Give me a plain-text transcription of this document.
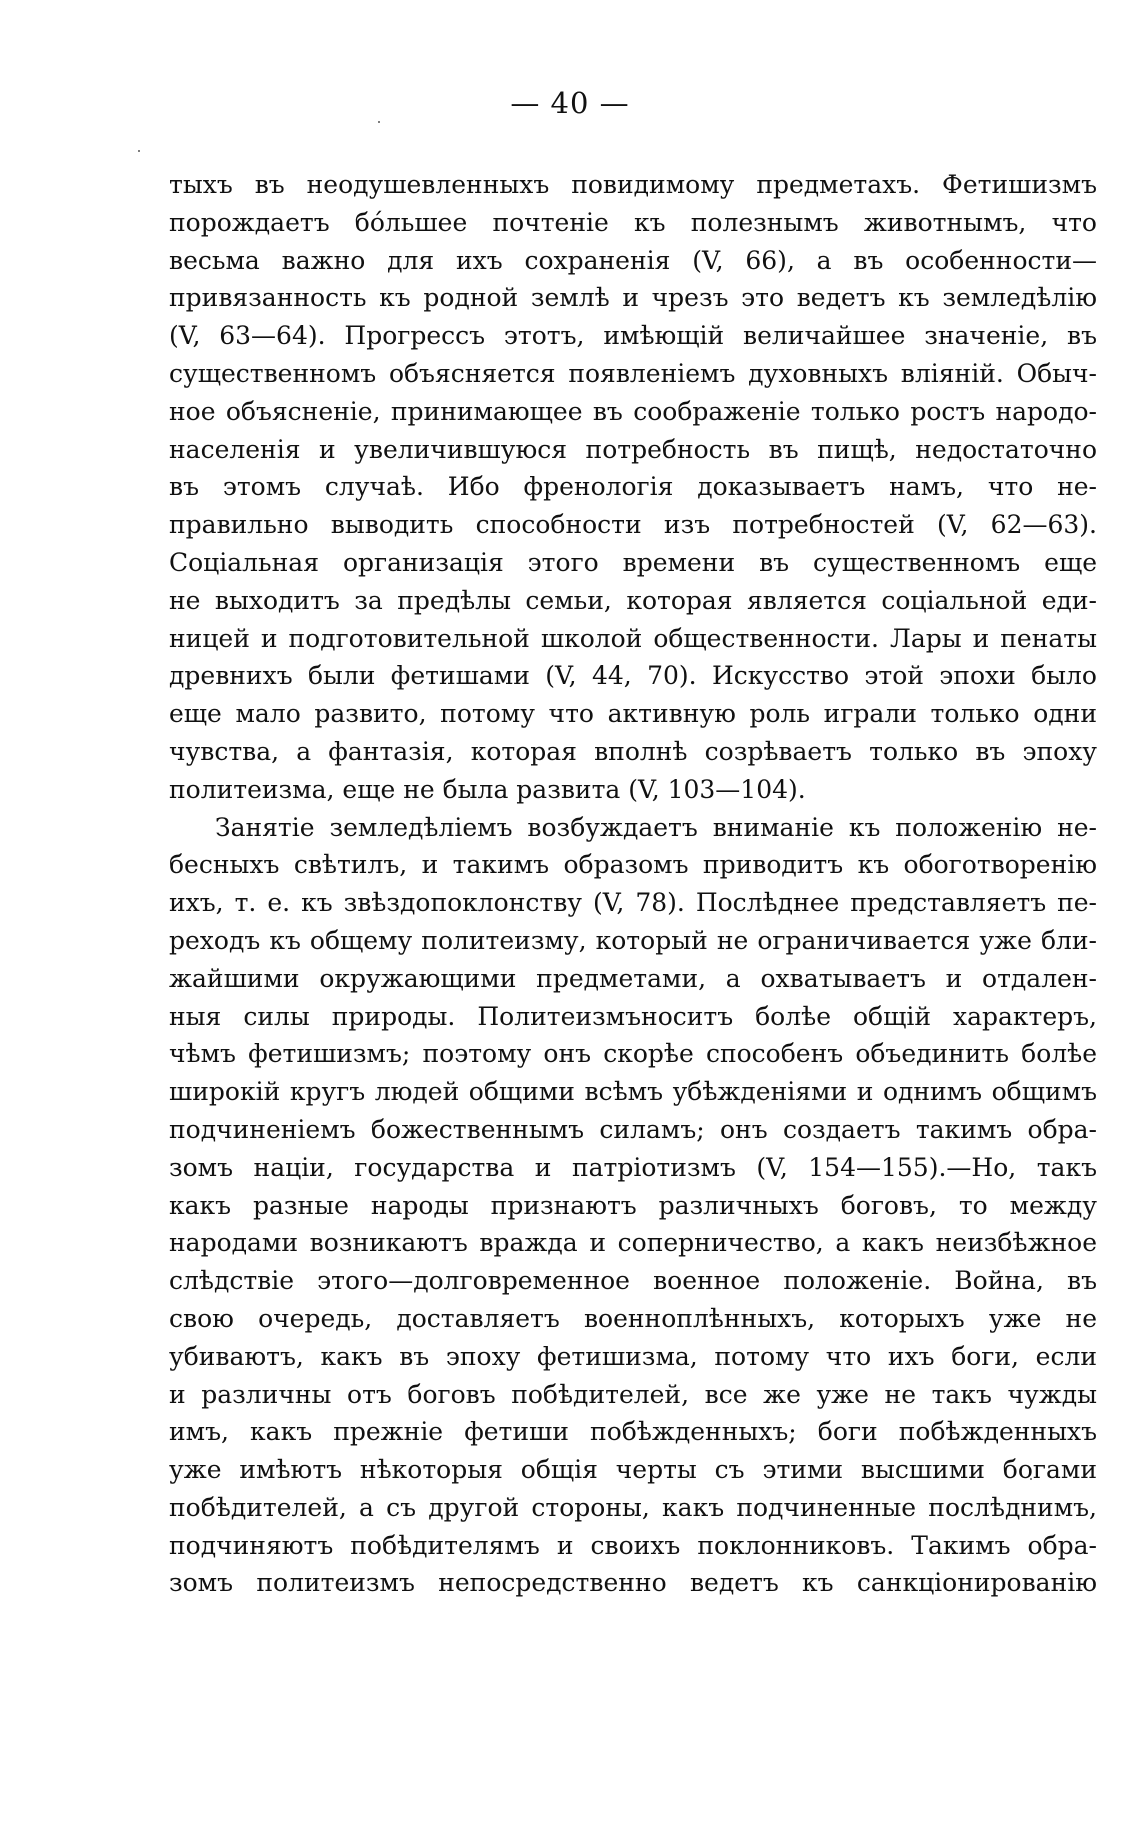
— 40 —
тыхъ въ неодушевленныхъ повидимому предметахъ. Фетишизмъ
порождаетъ бóльшее почтенiе къ полезнымъ животнымъ, что
весьма важно для ихъ сохраненiя (V, 66), а въ особенности—
привязанность къ родной землѣ и чрезъ это ведетъ къ земледѣлiю
(V, 63—64). Прогрессъ этотъ, имѣющiй величайшее значенiе, въ
существенномъ объясняется появленiемъ духовныхъ влiянiй. Обыч-
ное объясненiе, принимающее въ соображенiе только ростъ народо-
населенiя и увеличившуюся потребность въ пищѣ, недостаточно
въ этомъ случаѣ. Ибо френологiя доказываетъ намъ, что не-
правильно выводить способности изъ потребностей (V, 62—63).
Соцiальная организацiя этого времени въ существенномъ еще
не выходитъ за предѣлы семьи, которая является соцiальной еди-
ницей и подготовительной школой общественности. Лары и пенаты
древнихъ были фетишами (V, 44, 70). Искусство этой эпохи было
еще мало развито, потому что активную роль играли только одни
чувства, а фантазiя, которая вполнѣ созрѣваетъ только въ эпоху
политеизма, еще не была развита (V, 103—104).
Занятiе земледѣлiемъ возбуждаетъ вниманiе къ положенiю не-
бесныхъ свѣтилъ, и такимъ образомъ приводитъ къ обоготворенiю
ихъ, т. е. къ звѣздопоклонству (V, 78). Послѣднее представляетъ пе-
реходъ къ общему политеизму, который не ограничивается уже бли-
жайшими окружающими предметами, а охватываетъ и отдален-
ныя силы природы. Политеизмъноситъ болѣе общiй характеръ,
чѣмъ фетишизмъ; поэтому онъ скорѣе способенъ объединить болѣе
широкiй кругъ людей общими всѣмъ убѣжденiями и однимъ общимъ
подчиненiемъ божественнымъ силамъ; онъ создаетъ такимъ обра-
зомъ нацiи, государства и патрiотизмъ (V, 154—155).—Но, такъ
какъ разные народы признаютъ различныхъ боговъ, то между
народами возникаютъ вражда и соперничество, а какъ неизбѣжное
слѣдствiе этого—долговременное военное положенiе. Война, въ
свою очередь, доставляетъ военноплѣнныхъ, которыхъ уже не
убиваютъ, какъ въ эпоху фетишизма, потому что ихъ боги, если
и различны отъ боговъ побѣдителей, все же уже не такъ чужды
имъ, какъ прежнiе фетиши побѣжденныхъ; боги побѣжденныхъ
уже имѣютъ нѣкоторыя общiя черты съ этими высшими богами
побѣдителей, а съ другой стороны, какъ подчиненные послѣднимъ,
подчиняютъ побѣдителямъ и своихъ поклонниковъ. Такимъ обра-
зомъ политеизмъ непосредственно ведетъ къ санкцiонированiю
